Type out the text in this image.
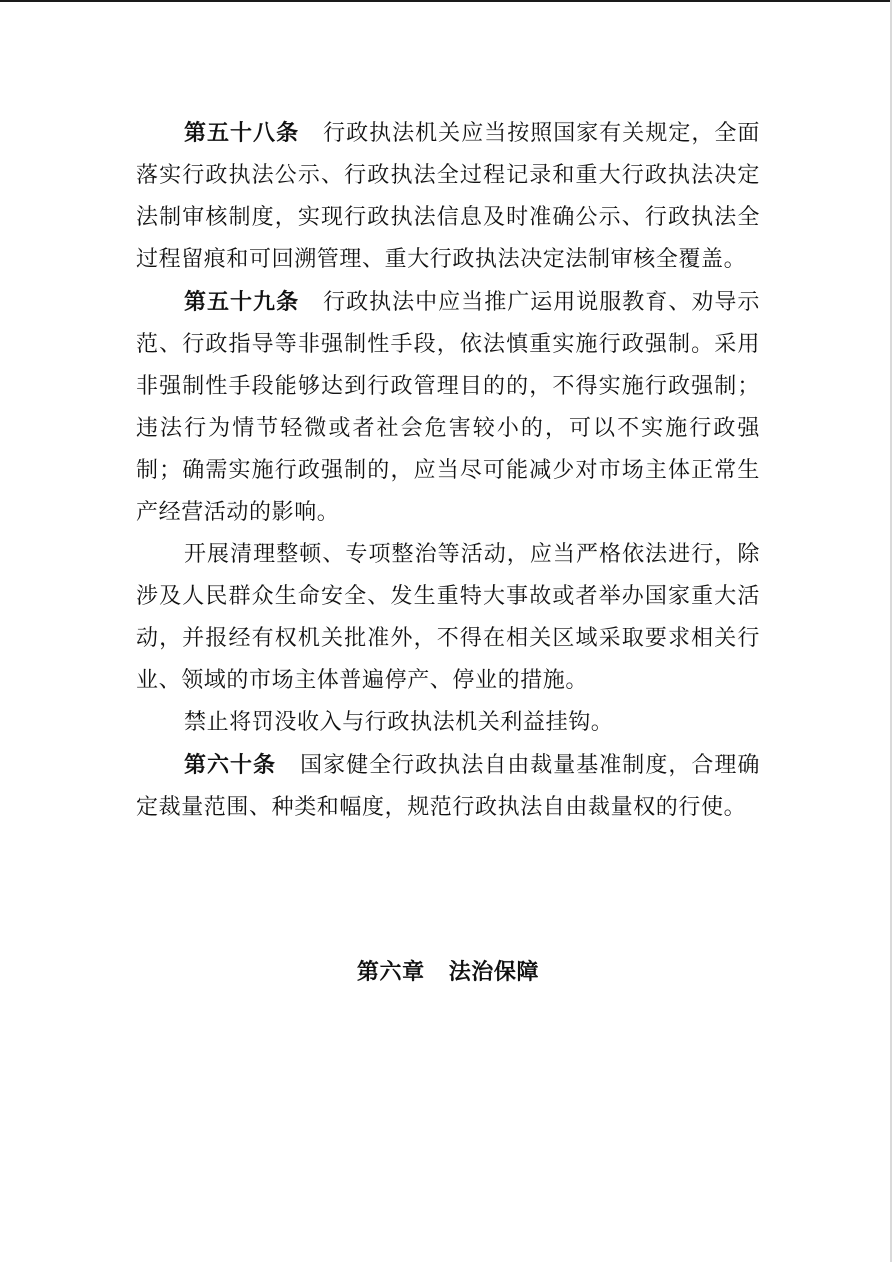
第五十八条 行政执法机关应当按照国家有关规定，全面落实行政执法公示、行政执法全过程记录和重大行政执法决定法制审核制度，实现行政执法信息及时准确公示、行政执法全过程留痕和可回溯管理、重大行政执法决定法制审核全覆盖。

第五十九条 行政执法中应当推广运用说服教育、劝导示范、行政指导等非强制性手段，依法慎重实施行政强制。采用非强制性手段能够达到行政管理目的的，不得实施行政强制；违法行为情节轻微或者社会危害较小的，可以不实施行政强制；确需实施行政强制的，应当尽可能减少对市场主体正常生产经营活动的影响。

开展清理整顿、专项整治等活动，应当严格依法进行，除涉及人民群众生命安全、发生重特大事故或者举办国家重大活动，并报经有权机关批准外，不得在相关区域采取要求相关行业、领域的市场主体普遍停产、停业的措施。

禁止将罚没收入与行政执法机关利益挂钩。

第六十条 国家健全行政执法自由裁量基准制度，合理确定裁量范围、种类和幅度，规范行政执法自由裁量权的行使。

第六章 法治保障
